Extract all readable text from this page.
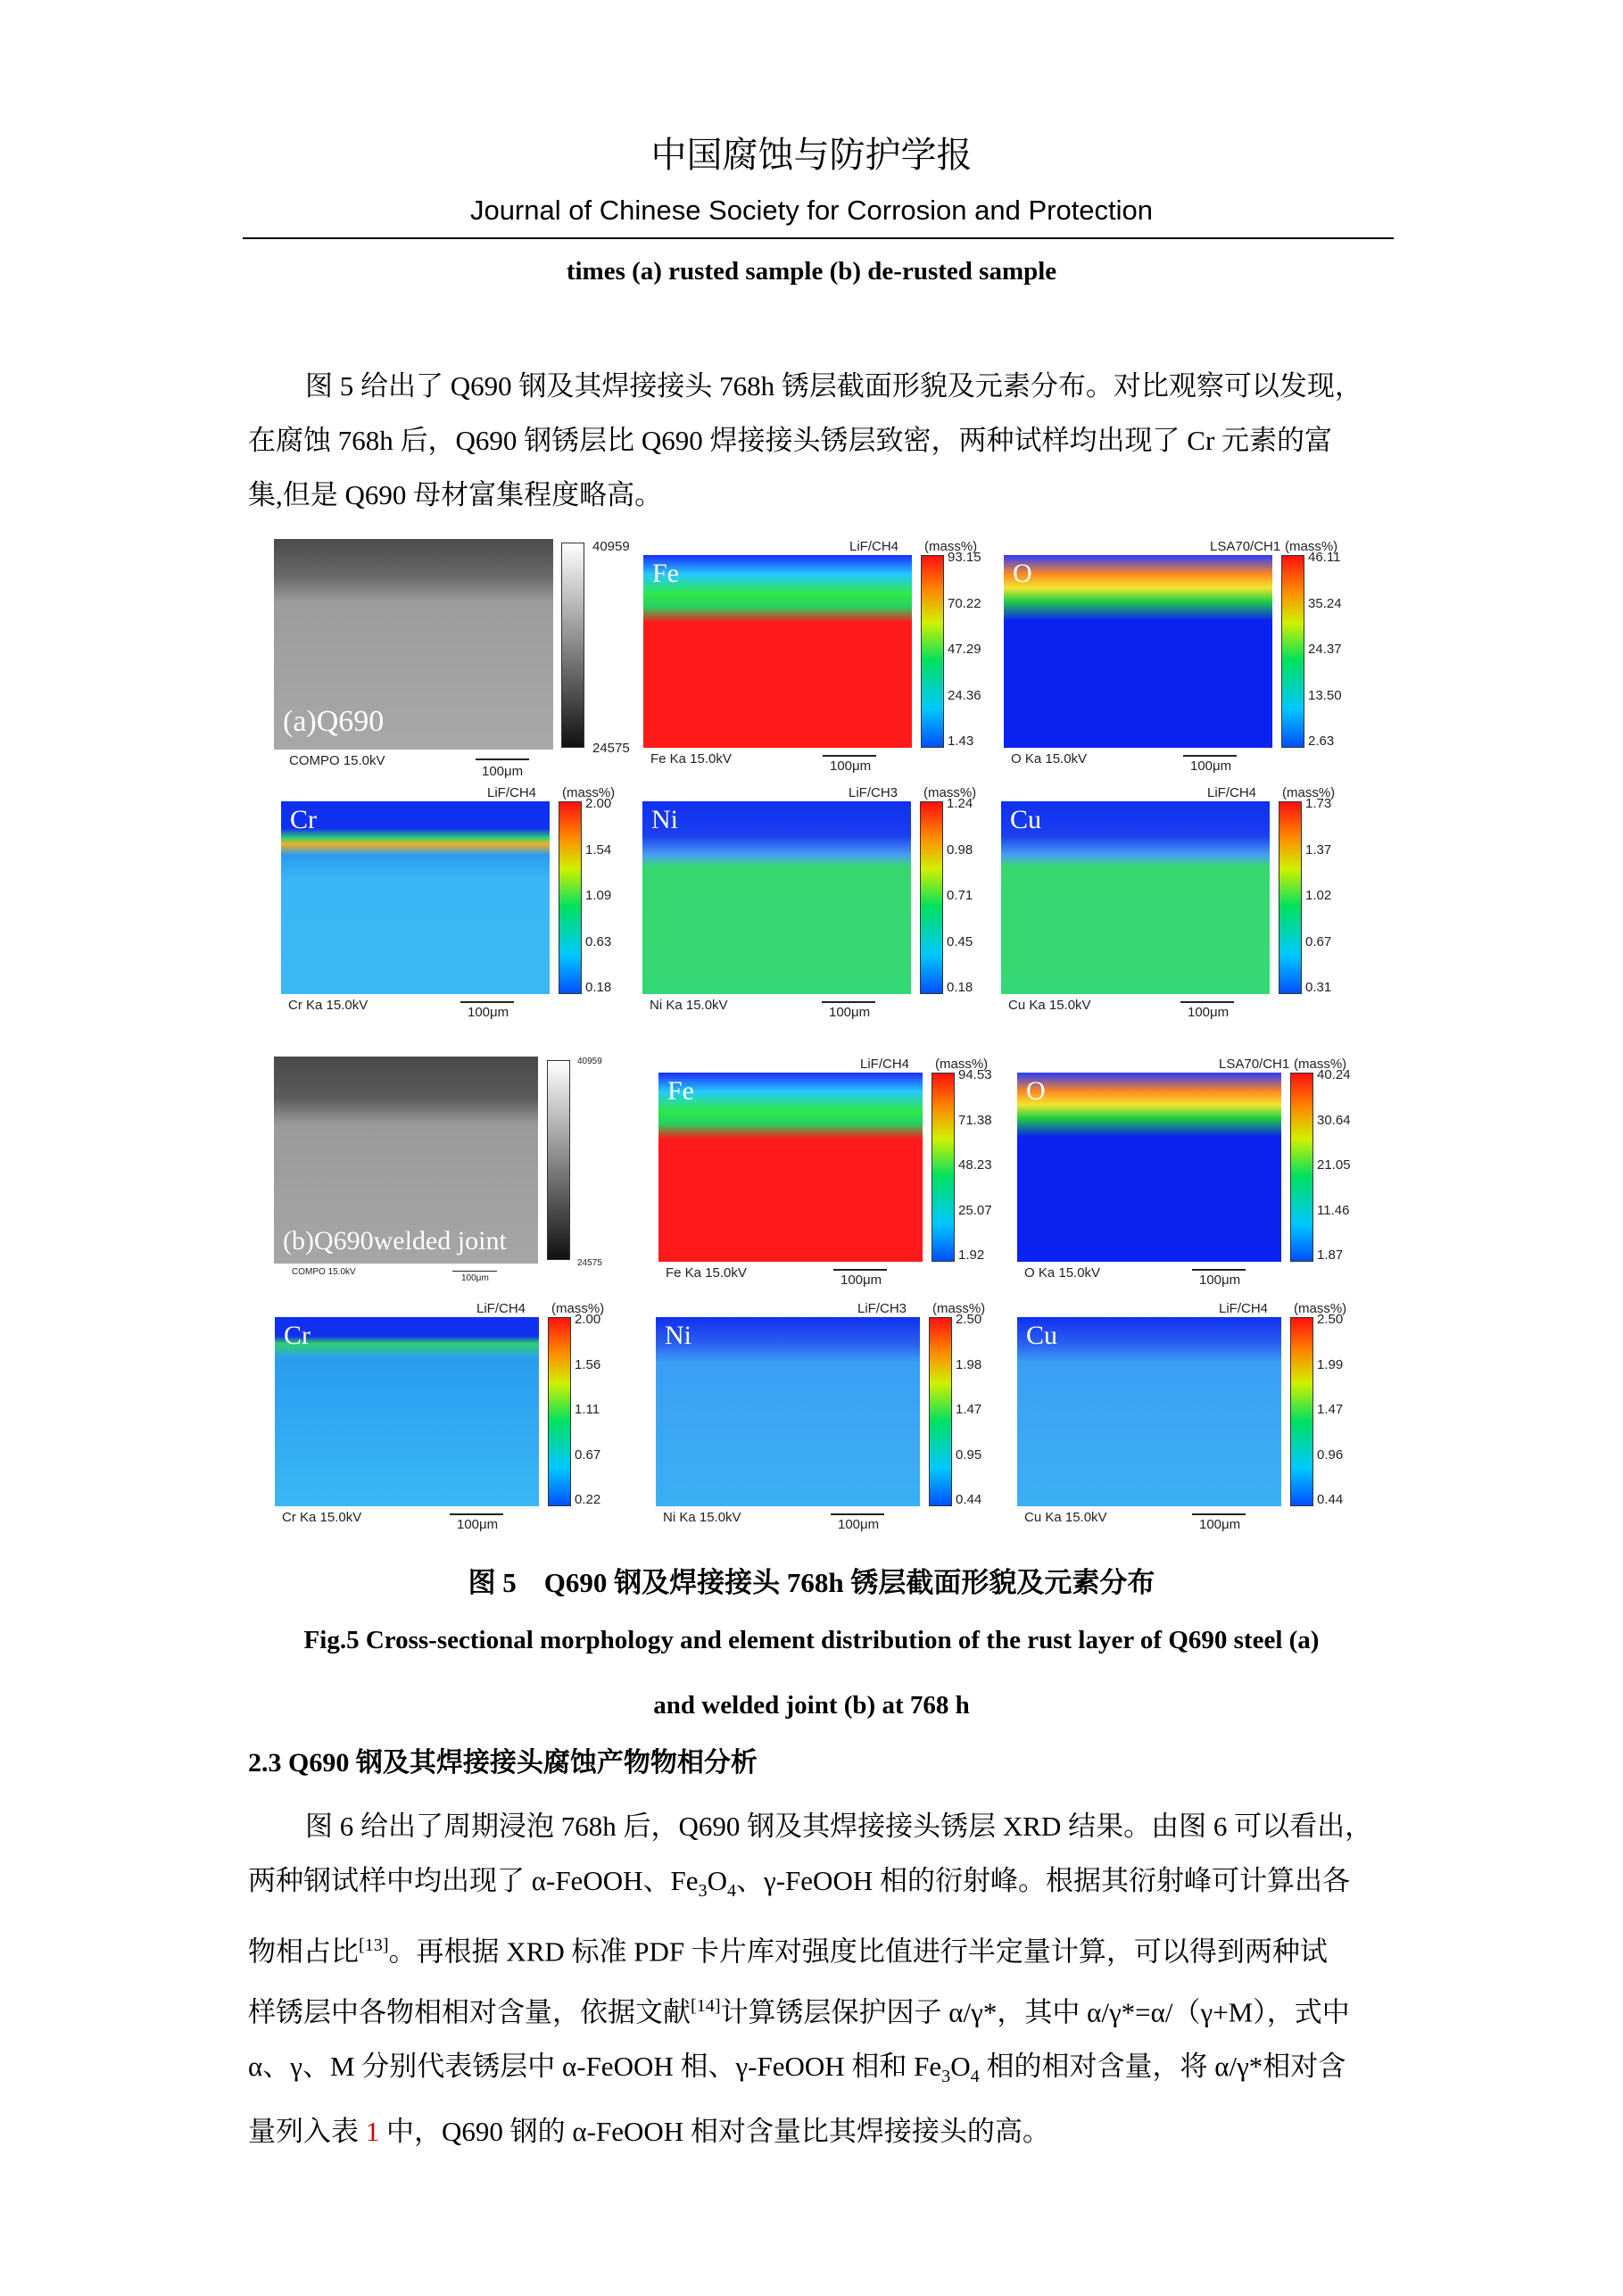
中国腐蚀与防护学报
Journal of Chinese Society for Corrosion and Protection
times (a) rusted sample (b) de-rusted sample
图 5 给出了 Q690 钢及其焊接接头 768h 锈层截面形貌及元素分布。对比观察可以发现，
在腐蚀 768h 后，Q690 钢锈层比 Q690 焊接接头锈层致密，两种试样均出现了 Cr 元素的富
集,但是 Q690 母材富集程度略高。
(a)Q690
40959
24575
COMPO 15.0kV
100μm
(b)Q690welded joint
40959
24575
COMPO 15.0kV
100μm
Fe
LiF/CH4 (mass%)
93.15
70.22
47.29
24.36
1.43
Fe Ka 15.0kV	100μm
O
LSA70/CH1 (mass%)
46.11
35.24
24.37
13.50
2.63
O Ka 15.0kV	100μm
Cr
LiF/CH4 (mass%)
2.00
1.54
1.09
0.63
0.18
Cr Ka 15.0kV	100μm
Ni
LiF/CH3 (mass%)
1.24
0.98
0.71
0.45
0.18
Ni Ka 15.0kV	100μm
Cu
LiF/CH4 (mass%)
1.73
1.37
1.02
0.67
0.31
Cu Ka 15.0kV	100μm
Fe
LiF/CH4 (mass%)
94.53
71.38
48.23
25.07
1.92
Fe Ka 15.0kV	100μm
O
LSA70/CH1 (mass%)
40.24
30.64
21.05
11.46
1.87
O Ka 15.0kV	100μm
Cr
LiF/CH4 (mass%)
2.00
1.56
1.11
0.67
0.22
Cr Ka 15.0kV	100μm
Ni
LiF/CH3 (mass%)
2.50
1.98
1.47
0.95
0.44
Ni Ka 15.0kV	100μm
Cu
LiF/CH4 (mass%)
2.50
1.99
1.47
0.96
0.44
Cu Ka 15.0kV	100μm
图 5　Q690 钢及焊接接头 768h 锈层截面形貌及元素分布
Fig.5 Cross-sectional morphology and element distribution of the rust layer of Q690 steel (a)
and welded joint (b) at 768 h
2.3 Q690 钢及其焊接接头腐蚀产物物相分析
图 6 给出了周期浸泡 768h 后，Q690 钢及其焊接接头锈层 XRD 结果。由图 6 可以看出，
两种钢试样中均出现了 α-FeOOH、$Fe_3O_4$、γ-FeOOH 相的衍射峰。根据其衍射峰可计算出各
物相占比[13]。再根据 XRD 标准 PDF 卡片库对强度比值进行半定量计算，可以得到两种试
样锈层中各物相相对含量，依据文献[14]计算锈层保护因子 α/γ*，其中 α/γ*=α/（γ+M），式中
α、γ、M 分别代表锈层中 α-FeOOH 相、γ-FeOOH 相和 $Fe_3O_4$ 相的相对含量，将 α/γ*相对含
量列入表 1 中，Q690 钢的 α-FeOOH 相对含量比其焊接接头的高。
